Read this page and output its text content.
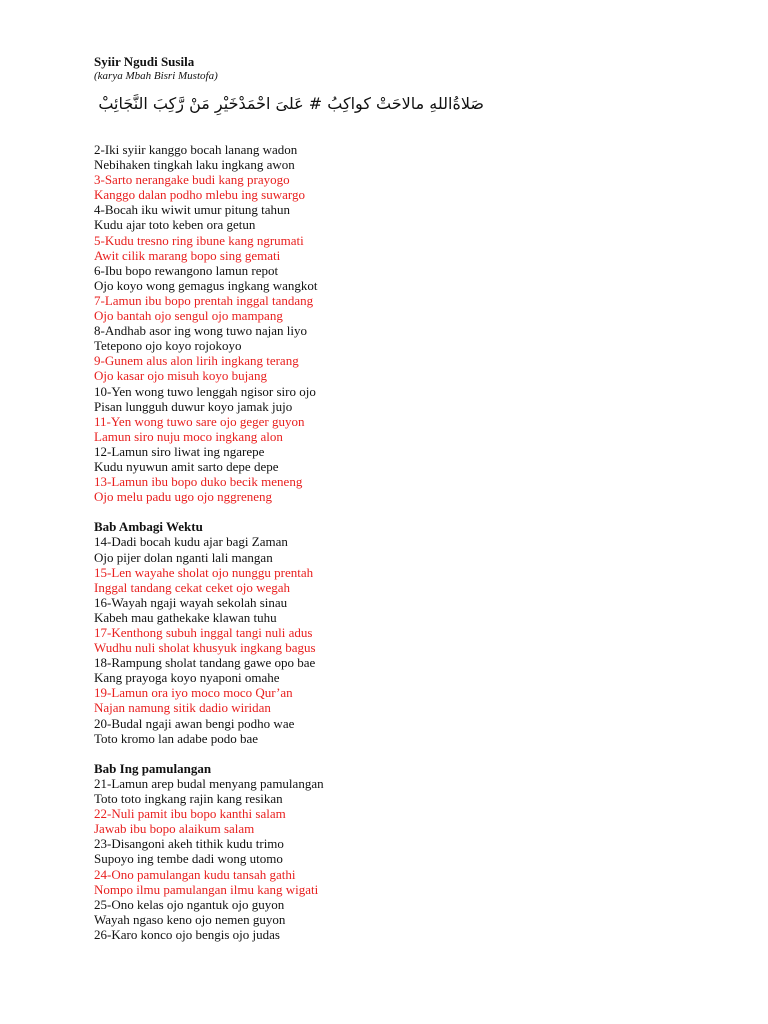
Syiir Ngudi Susila
(karya Mbah Bisri Mustofa)
صَلاةُاللهِ مالاحَتْ كواكِبُ # عَلىَ احْمَدْخَيْرِ مَنْ رَّكِبَ النَّجَائِبْ
2-Iki syiir kanggo bocah lanang wadon
Nebihaken tingkah laku ingkang awon
3-Sarto nerangake budi kang prayogo
Kanggo dalan podho mlebu ing suwargo
4-Bocah iku wiwit umur pitung tahun
Kudu ajar toto keben ora getun
5-Kudu tresno ring ibune kang ngrumati
Awit cilik marang bopo sing gemati
6-Ibu bopo rewangono lamun repot
Ojo koyo wong gemagus ingkang wangkot
7-Lamun ibu bopo prentah inggal tandang
Ojo bantah ojo sengul ojo mampang
8-Andhab asor ing wong tuwo najan liyo
Tetepono ojo koyo rojokoyo
9-Gunem alus alon lirih ingkang terang
Ojo kasar ojo misuh koyo bujang
10-Yen wong tuwo lenggah ngisor siro ojo
Pisan lungguh duwur koyo jamak jujo
11-Yen wong tuwo sare ojo geger guyon
Lamun siro nuju moco ingkang alon
12-Lamun siro liwat ing ngarepe
Kudu nyuwun amit sarto depe depe
13-Lamun ibu bopo duko becik meneng
Ojo melu padu ugo ojo nggreneng
Bab Ambagi Wektu
14-Dadi bocah kudu ajar bagi Zaman
Ojo pijer dolan nganti lali mangan
15-Len wayahe sholat ojo nunggu prentah
Inggal tandang cekat ceket ojo wegah
16-Wayah ngaji wayah sekolah sinau
Kabeh mau gathekake klawan tuhu
17-Kenthong subuh inggal tangi nuli adus
Wudhu nuli sholat khusyuk ingkang bagus
18-Rampung sholat tandang gawe opo bae
Kang prayoga koyo nyaponi omahe
19-Lamun ora iyo moco moco Qur’an
Najan namung sitik dadio wiridan
20-Budal ngaji awan bengi podho wae
Toto kromo lan adabe podo bae
Bab Ing pamulangan
21-Lamun arep budal menyang pamulangan
Toto toto ingkang rajin kang resikan
22-Nuli pamit ibu bopo kanthi salam
Jawab ibu bopo alaikum salam
23-Disangoni akeh tithik kudu trimo
Supoyo ing tembe dadi wong utomo
24-Ono pamulangan kudu tansah gathi
Nompo ilmu pamulangan ilmu kang wigati
25-Ono kelas ojo ngantuk ojo guyon
Wayah ngaso keno ojo nemen guyon
26-Karo konco ojo bengis ojo judas
